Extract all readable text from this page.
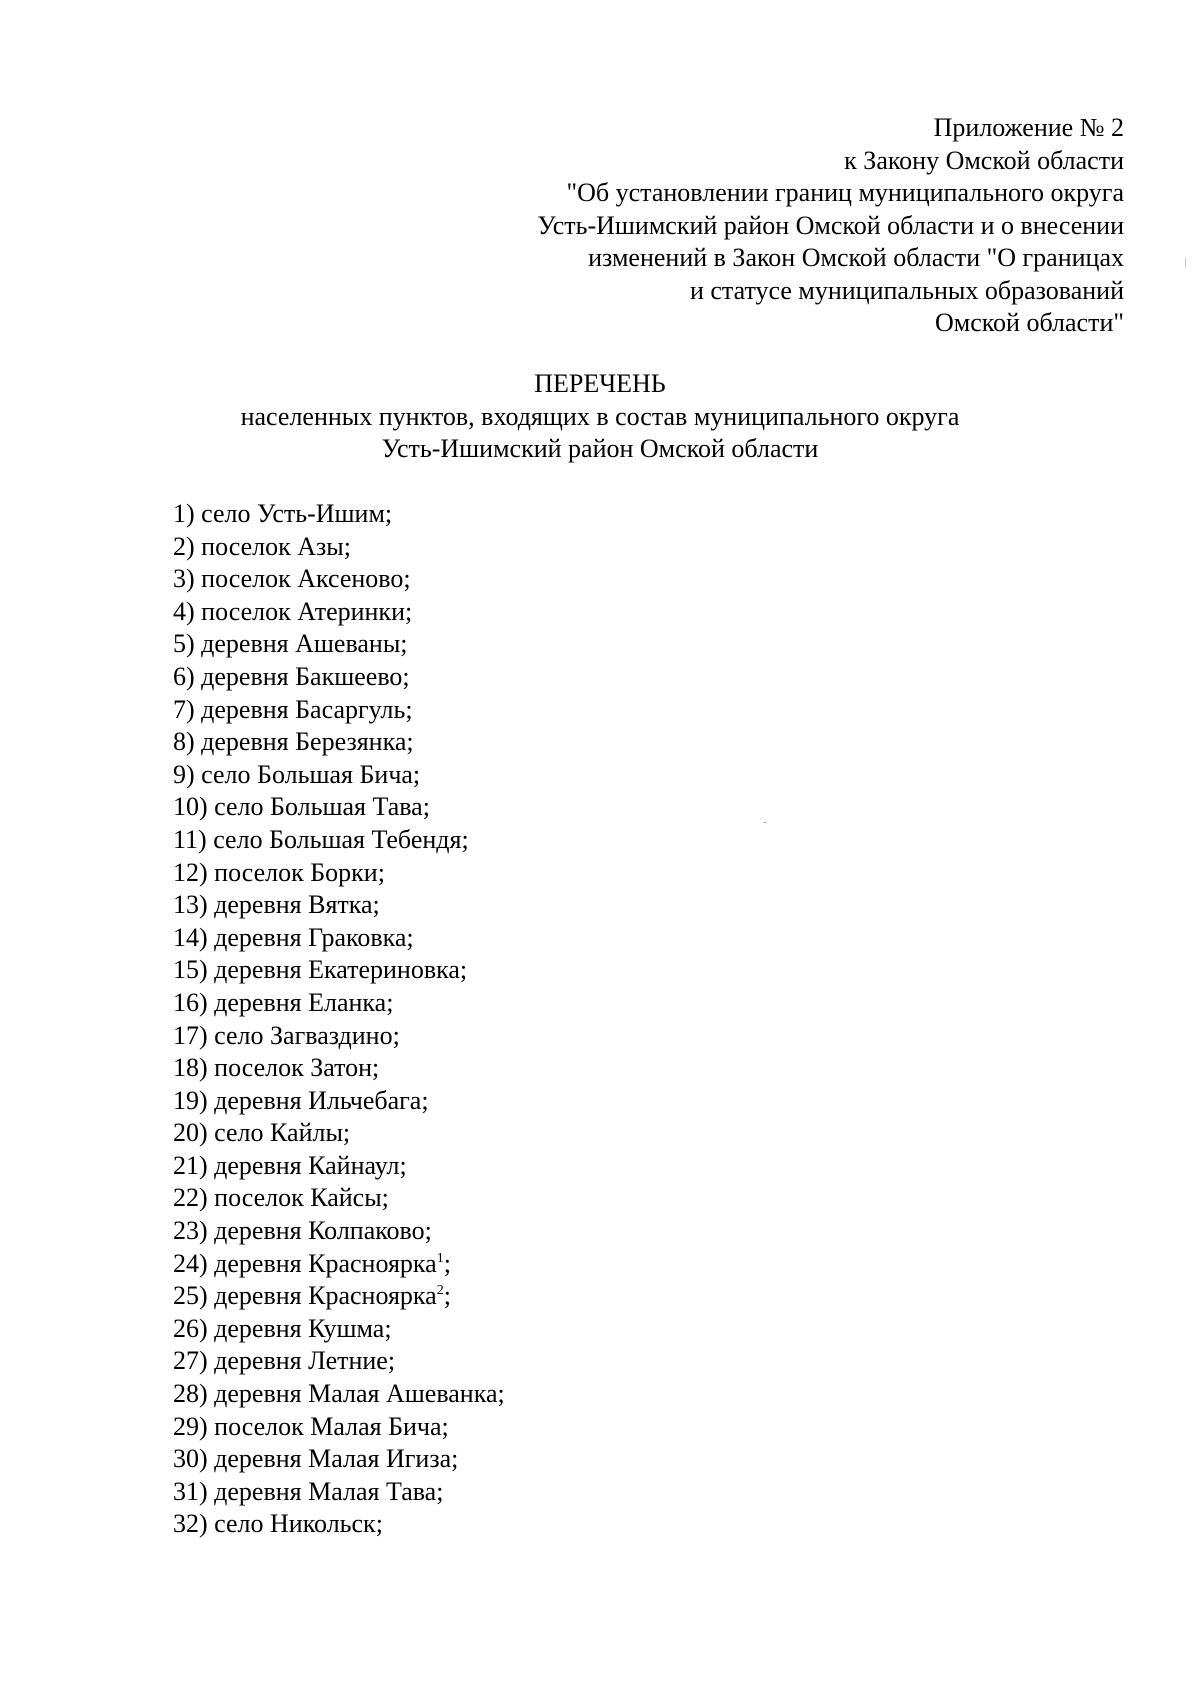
Приложение № 2
к Закону Омской области
"Об установлении границ муниципального округа
Усть-Ишимский район Омской области и о внесении
изменений в Закон Омской области "О границах
и статусе муниципальных образований
Омской области"
ПЕРЕЧЕНЬ
населенных пунктов, входящих в состав муниципального округа
Усть-Ишимский район Омской области
1) село Усть-Ишим;
2) поселок Азы;
3) поселок Аксеново;
4) поселок Атеринки;
5) деревня Ашеваны;
6) деревня Бакшеево;
7) деревня Басаргуль;
8) деревня Березянка;
9) село Большая Бича;
10) село Большая Тава;
11) село Большая Тебендя;
12) поселок Борки;
13) деревня Вятка;
14) деревня Граковка;
15) деревня Екатериновка;
16) деревня Еланка;
17) село Загваздино;
18) поселок Затон;
19) деревня Ильчебага;
20) село Кайлы;
21) деревня Кайнаул;
22) поселок Кайсы;
23) деревня Колпаково;
24) деревня Красноярка$^1$;
25) деревня Красноярка$^2$;
26) деревня Кушма;
27) деревня Летние;
28) деревня Малая Ашеванка;
29) поселок Малая Бича;
30) деревня Малая Игиза;
31) деревня Малая Тава;
32) село Никольск;
